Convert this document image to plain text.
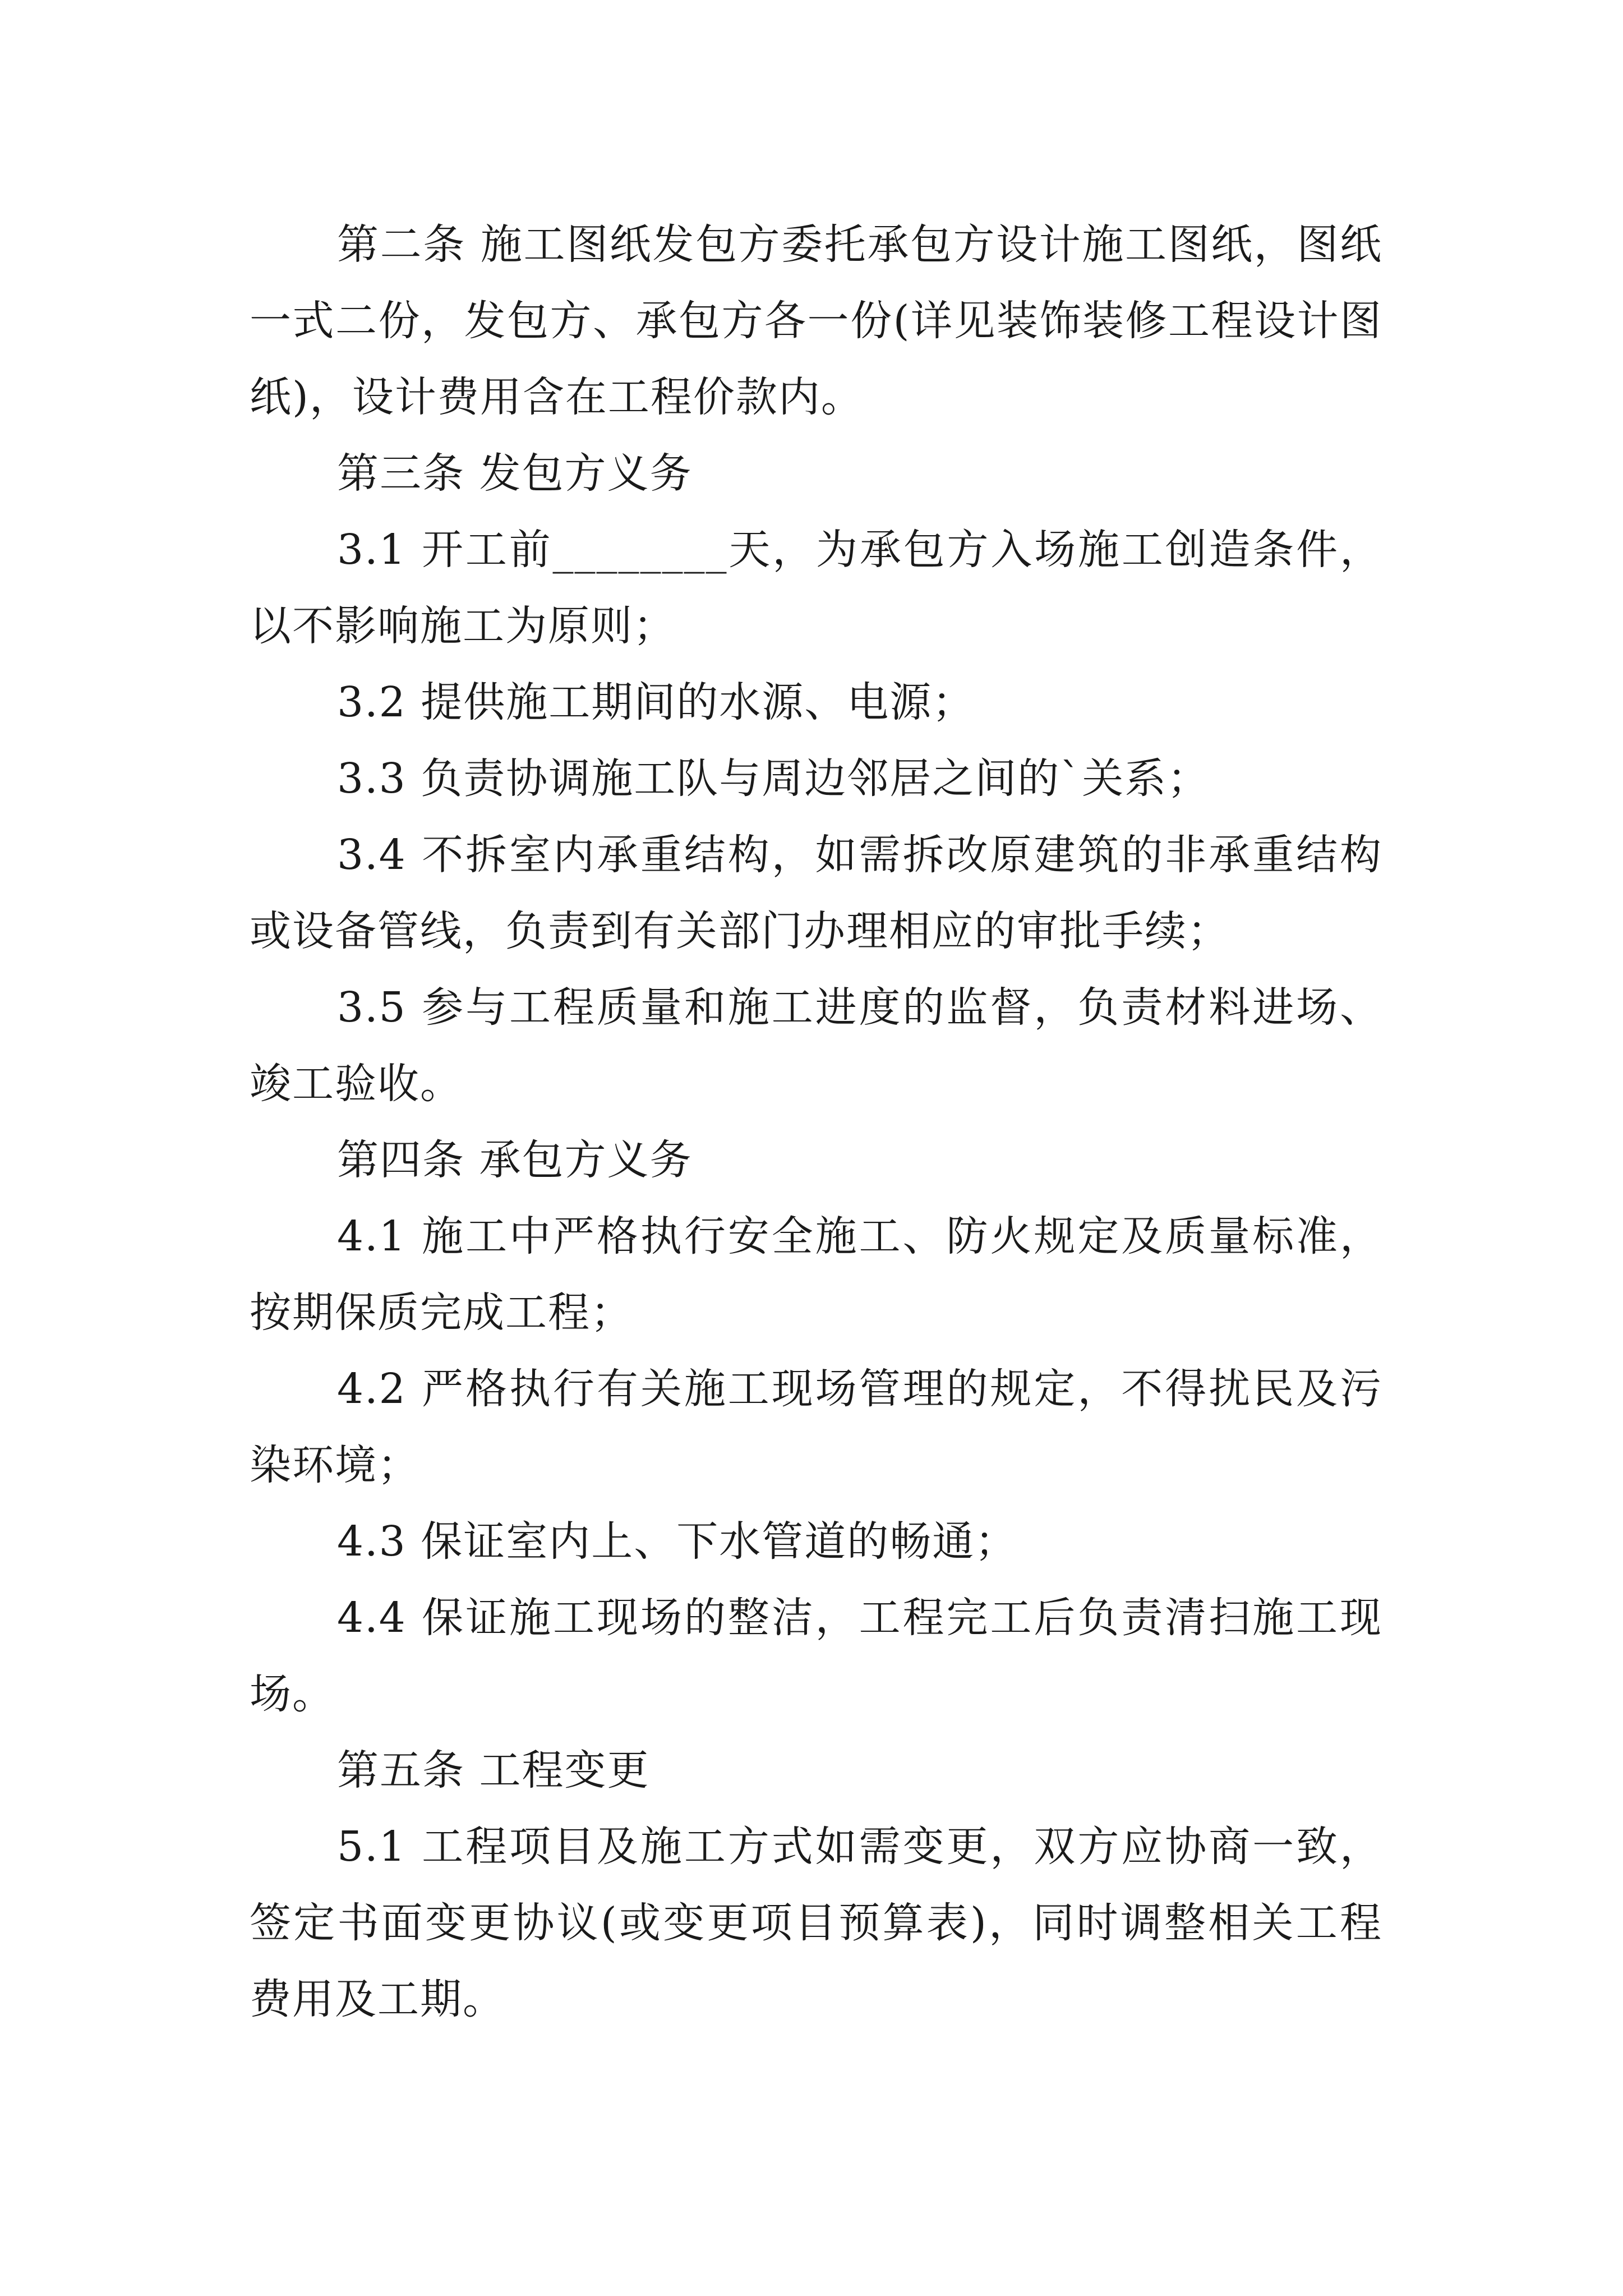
第二条 施工图纸发包方委托承包方设计施工图纸，图纸一式二份，发包方、承包方各一份(详见装饰装修工程设计图纸)，设计费用含在工程价款内。

第三条 发包方义务

3.1 开工前________天，为承包方入场施工创造条件，以不影响施工为原则；

3.2 提供施工期间的水源、电源；

3.3 负责协调施工队与周边邻居之间的`关系；

3.4 不拆室内承重结构，如需拆改原建筑的非承重结构或设备管线，负责到有关部门办理相应的审批手续；

3.5 参与工程质量和施工进度的监督，负责材料进场、竣工验收。

第四条 承包方义务

4.1 施工中严格执行安全施工、防火规定及质量标准，按期保质完成工程；

4.2 严格执行有关施工现场管理的规定，不得扰民及污染环境；

4.3 保证室内上、下水管道的畅通；

4.4 保证施工现场的整洁，工程完工后负责清扫施工现场。

第五条 工程变更

5.1 工程项目及施工方式如需变更，双方应协商一致，签定书面变更协议(或变更项目预算表)，同时调整相关工程费用及工期。
